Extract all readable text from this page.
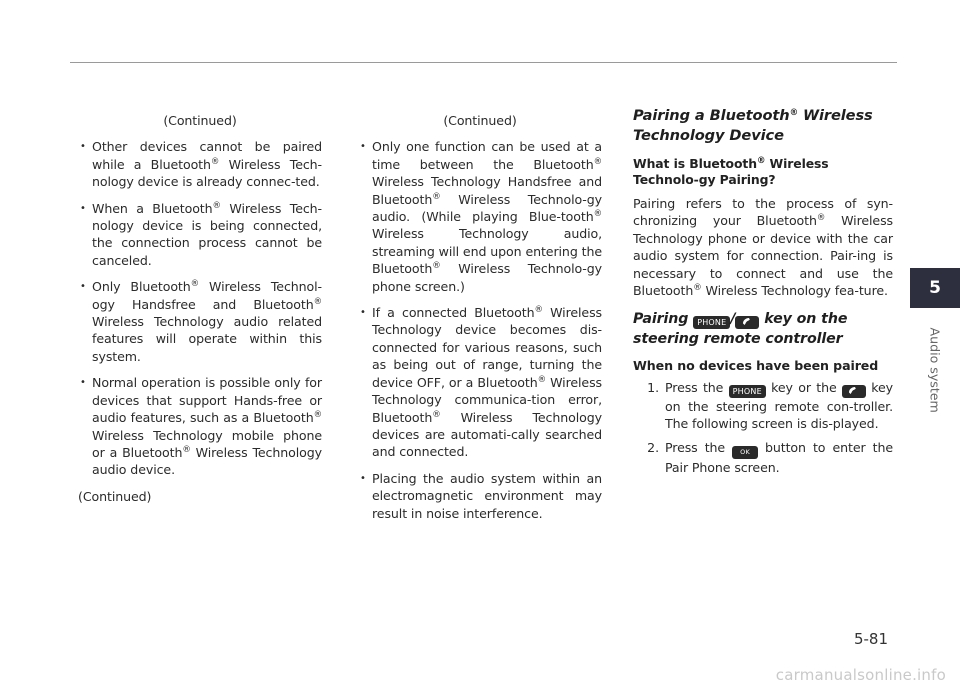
(Continued)
• Other devices cannot be paired while a Bluetooth® Wireless Tech-nology device is already connec-ted.
• When a Bluetooth® Wireless Tech-nology device is being connected, the connection process cannot be canceled.
• Only Bluetooth® Wireless Technol-ogy Handsfree and Bluetooth® Wireless Technology audio related features will operate within this system.
• Normal operation is possible only for devices that support Hands-free or audio features, such as a Bluetooth® Wireless Technology mobile phone or a Bluetooth® Wireless Technology audio device.
(Continued)
(Continued)
• Only one function can be used at a time between the Bluetooth® Wireless Technology Handsfree and Bluetooth® Wireless Technolo-gy audio. (While playing Blue-tooth® Wireless Technology audio, streaming will end upon entering the Bluetooth® Wireless Technolo-gy phone screen.)
• If a connected Bluetooth® Wireless Technology device becomes dis-connected for various reasons, such as being out of range, turning the device OFF, or a Bluetooth® Wireless Technology communica-tion error, Bluetooth® Wireless Technology devices are automati-cally searched and connected.
• Placing the audio system within an electromagnetic environment may result in noise interference.
Pairing a Bluetooth® Wireless Technology Device
What is Bluetooth® Wireless Technolo-gy Pairing?
Pairing refers to the process of syn-chronizing your Bluetooth® Wireless Technology phone or device with the car audio system for connection. Pair-ing is necessary to connect and use the Bluetooth® Wireless Technology fea-ture.
Pairing PHONE / key on the steering remote controller
When no devices have been paired
1. Press the PHONE key or the  key on the steering remote con-troller. The following screen is dis-played.
2. Press the OK button to enter the Pair Phone screen.
5
Audio system
5-81
carmanualsonline.info
